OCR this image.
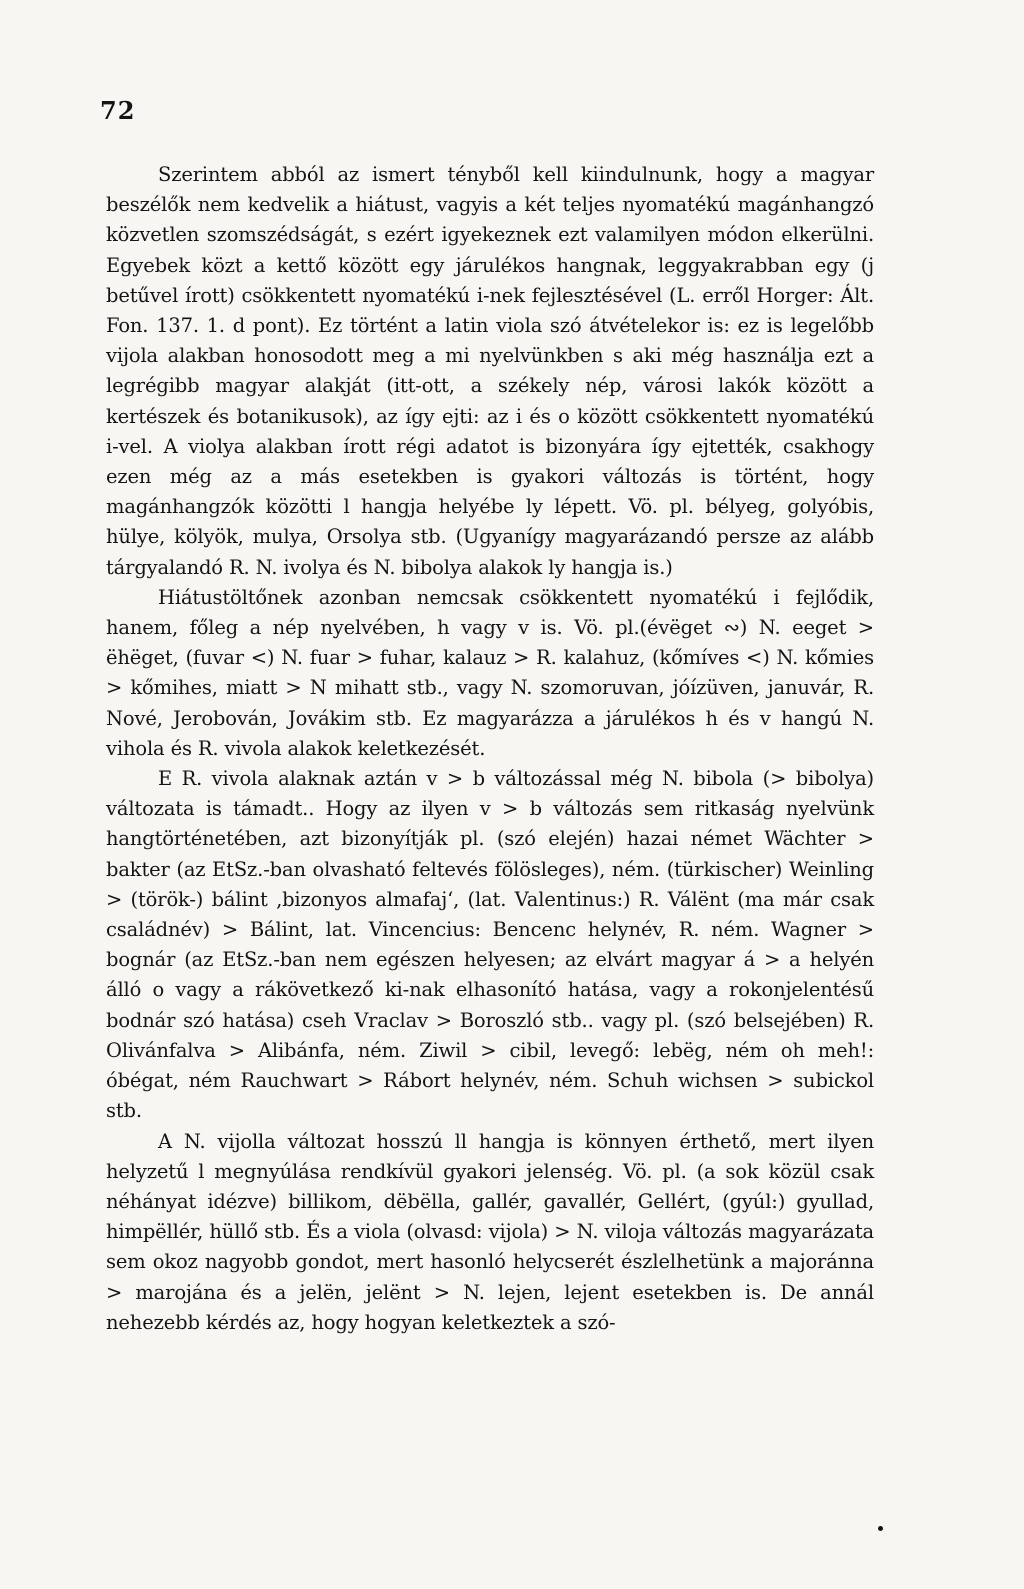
72

Szerintem abból az ismert tényből kell kiindulnunk, hogy a magyar beszélők nem kedvelik a hiátust, vagyis a két teljes nyomatékú magánhangzó közvetlen szomszédságát, s ezért igyekeznek ezt valamilyen módon elkerülni. Egyebek közt a kettő között egy járulékos hangnak, leggyakrabban egy (j betűvel írott) csökkentett nyomatékú i-nek fejlesztésével (L. erről Horger: Ált. Fon. 137. 1. d pont). Ez történt a latin viola szó átvételekor is: ez is legelőbb vijola alakban honosodott meg a mi nyelvünkben s aki még használja ezt a legrégibb magyar alakját (itt-ott, a székely nép, városi lakók között a kertészek és botanikusok), az így ejti: az i és o között csökkentett nyomatékú i-vel. A violya alakban írott régi adatot is bizonyára így ejtették, csakhogy ezen még az a más esetekben is gyakori változás is történt, hogy magánhangzók közötti l hangja helyébe ly lépett. Vö. pl. bélyeg, golyóbis, hülye, kölyök, mulya, Orsolya stb. (Ugyanígy magyarázandó persze az alább tárgyalandó R. N. ivolya és N. bibolya alakok ly hangja is.)

Hiátustöltőnek azonban nemcsak csökkentett nyomatékú i fejlődik, hanem, főleg a nép nyelvében, h vagy v is. Vö. pl.(évëget ∾) N. eeget > ëhëget, (fuvar <) N. fuar > fuhar, kalauz > R. kalahuz, (kőmíves <) N. kőmies > kőmihes, miatt > N mihatt stb., vagy N. szomoruvan, jóízüven, januvár, R. Nové, Jerobován, Jovákim stb. Ez magyarázza a járulékos h és v hangú N. vihola és R. vivola alakok keletkezését.

E R. vivola alaknak aztán v > b változással még N. bibola (> bibolya) változata is támadt.. Hogy az ilyen v > b változás sem ritkaság nyelvünk hangtörténetében, azt bizonyítják pl. (szó elején) hazai német Wächter > bakter (az EtSz.-ban olvasható feltevés fölösleges), ném. (türkischer) Weinling > (török-) bálint ‚bizonyos almafaj‘, (lat. Valentinus:) R. Válënt (ma már csak családnév) > Bálint, lat. Vincencius: Bencenc helynév, R. ném. Wagner > bognár (az EtSz.-ban nem egészen helyesen; az elvárt magyar á > a helyén álló o vagy a rákövetkező ki-nak elhasonító hatása, vagy a rokonjelentésű bodnár szó hatása) cseh Vraclav > Boroszló stb.. vagy pl. (szó belsejében) R. Olivánfalva > Alibánfa, ném. Ziwil > cibil, levegő: lebëg, ném oh meh!: óbégat, ném Rauchwart > Rábort helynév, ném. Schuh wichsen > subickol stb.

A N. vijolla változat hosszú ll hangja is könnyen érthető, mert ilyen helyzetű l megnyúlása rendkívül gyakori jelenség. Vö. pl. (a sok közül csak néhányat idézve) billikom, dëbëlla, gallér, gavallér, Gellért, (gyúl:) gyullad, himpëllér, hüllő stb. És a viola (olvasd: vijola) > N. viloja változás magyarázata sem okoz nagyobb gondot, mert hasonló helycserét észlelhetünk a majoránna > marojána és a jelën, jelënt > N. lejen, lejent esetekben is. De annál nehezebb kérdés az, hogy hogyan keletkeztek a szó-
